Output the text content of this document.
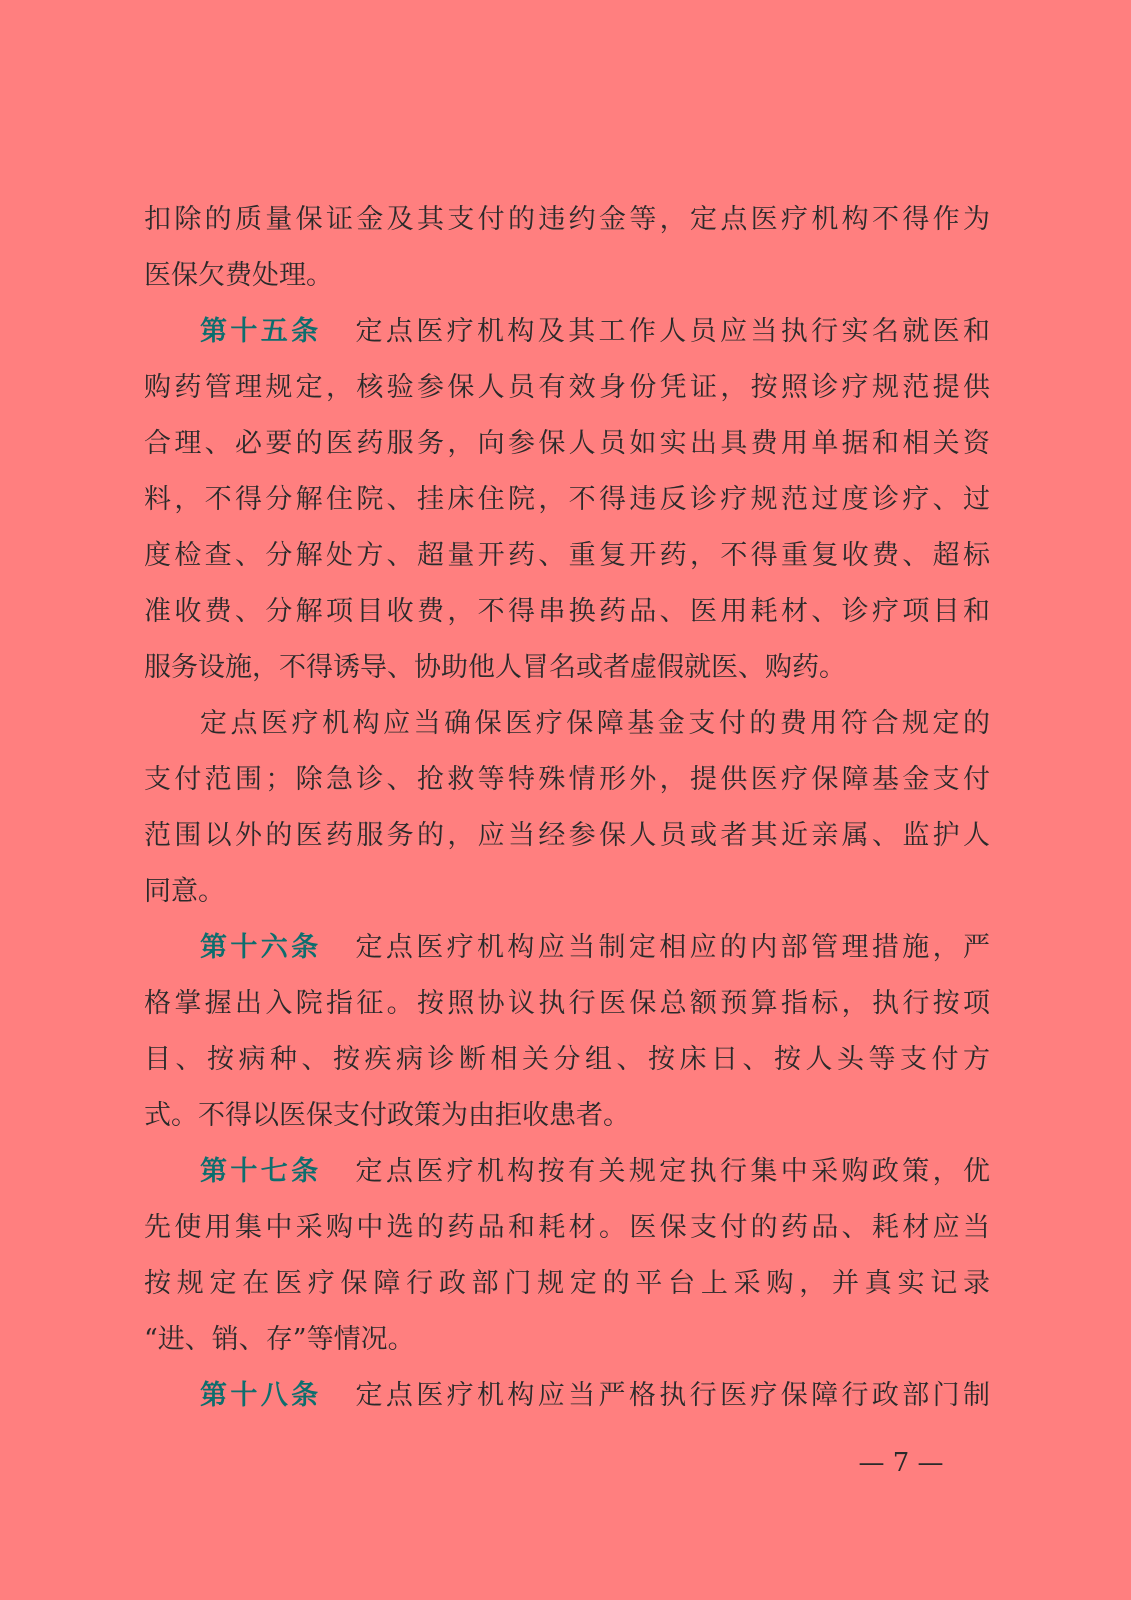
扣除的质量保证金及其支付的违约金等，定点医疗机构不得作为
医保欠费处理。
第十五条 定点医疗机构及其工作人员应当执行实名就医和
购药管理规定，核验参保人员有效身份凭证，按照诊疗规范提供
合理、必要的医药服务，向参保人员如实出具费用单据和相关资
料，不得分解住院、挂床住院，不得违反诊疗规范过度诊疗、过
度检查、分解处方、超量开药、重复开药，不得重复收费、超标
准收费、分解项目收费，不得串换药品、医用耗材、诊疗项目和
服务设施，不得诱导、协助他人冒名或者虚假就医、购药。
定点医疗机构应当确保医疗保障基金支付的费用符合规定的
支付范围；除急诊、抢救等特殊情形外，提供医疗保障基金支付
范围以外的医药服务的，应当经参保人员或者其近亲属、监护人
同意。
第十六条 定点医疗机构应当制定相应的内部管理措施，严
格掌握出入院指征。按照协议执行医保总额预算指标，执行按项
目、按病种、按疾病诊断相关分组、按床日、按人头等支付方
式。不得以医保支付政策为由拒收患者。
第十七条 定点医疗机构按有关规定执行集中采购政策，优
先使用集中采购中选的药品和耗材。医保支付的药品、耗材应当
按规定在医疗保障行政部门规定的平台上采购，并真实记录
“进、销、存”等情况。
第十八条 定点医疗机构应当严格执行医疗保障行政部门制
— 7 —
